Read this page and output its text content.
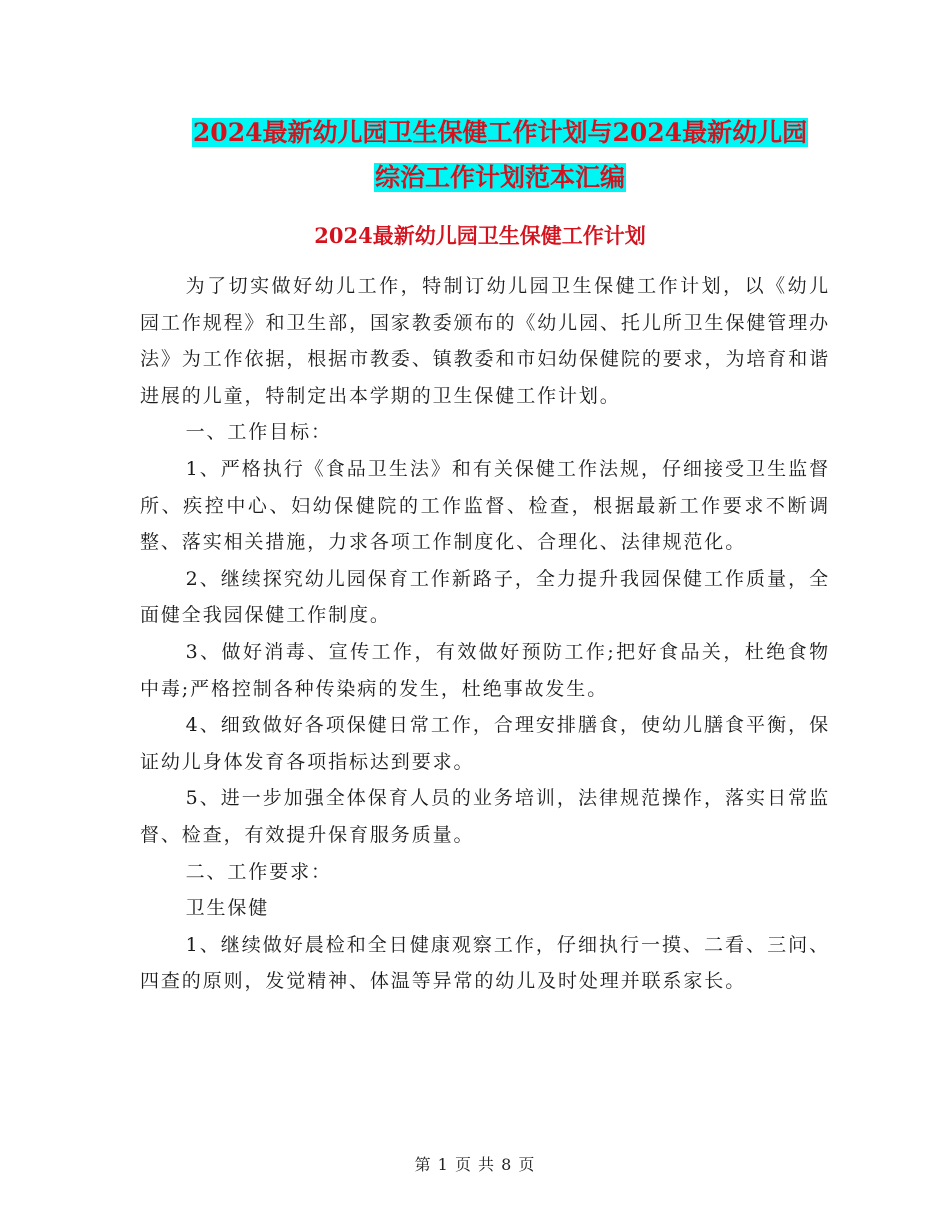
2024最新幼儿园卫生保健工作计划与2024最新幼儿园
综治工作计划范本汇编
2024最新幼儿园卫生保健工作计划

为了切实做好幼儿工作，特制订幼儿园卫生保健工作计划，以《幼儿园工作规程》和卫生部，国家教委颁布的《幼儿园、托儿所卫生保健管理办法》为工作依据，根据市教委、镇教委和市妇幼保健院的要求，为培育和谐进展的儿童，特制定出本学期的卫生保健工作计划。

一、工作目标：

1、严格执行《食品卫生法》和有关保健工作法规，仔细接受卫生监督所、疾控中心、妇幼保健院的工作监督、检查，根据最新工作要求不断调整、落实相关措施，力求各项工作制度化、合理化、法律规范化。

2、继续探究幼儿园保育工作新路子，全力提升我园保健工作质量，全面健全我园保健工作制度。

3、做好消毒、宣传工作，有效做好预防工作;把好食品关，杜绝食物中毒;严格控制各种传染病的发生，杜绝事故发生。

4、细致做好各项保健日常工作，合理安排膳食，使幼儿膳食平衡，保证幼儿身体发育各项指标达到要求。

5、进一步加强全体保育人员的业务培训，法律规范操作，落实日常监督、检查，有效提升保育服务质量。

二、工作要求：

卫生保健

1、继续做好晨检和全日健康观察工作，仔细执行一摸、二看、三问、四查的原则，发觉精神、体温等异常的幼儿及时处理并联系家长。

第 1 页 共 8 页
